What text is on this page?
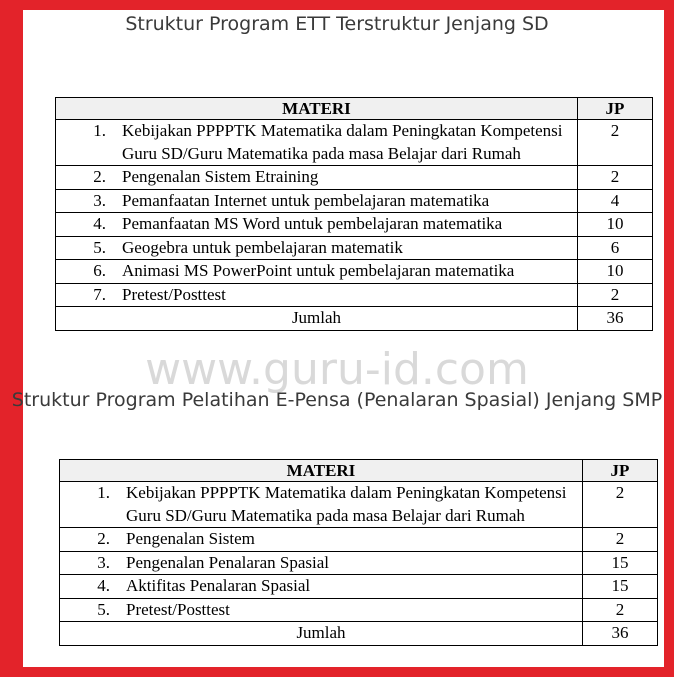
Struktur Program ETT Terstruktur Jenjang SD
MATERI	JP

1. Kebijakan PPPPTK Matematika dalam Peningkatan Kompetensi Guru SD/Guru Matematika pada masa Belajar dari Rumah	2

2. Pengenalan Sistem Etraining	2

3. Pemanfaatan Internet untuk pembelajaran matematika	4

4. Pemanfaatan MS Word untuk pembelajaran matematika	10

5. Geogebra untuk pembelajaran matematik	6

6. Animasi MS PowerPoint untuk pembelajaran matematika	10

7. Pretest/Posttest	2
Jumlah	36
www.guru-id.com
Struktur Program Pelatihan E-Pensa (Penalaran Spasial) Jenjang SMP
MATERI	JP

1. Kebijakan PPPPTK Matematika dalam Peningkatan Kompetensi Guru SD/Guru Matematika pada masa Belajar dari Rumah	2

2. Pengenalan Sistem	2

3. Pengenalan Penalaran Spasial	15

4. Aktifitas Penalaran Spasial	15

5. Pretest/Posttest	2
Jumlah	36
